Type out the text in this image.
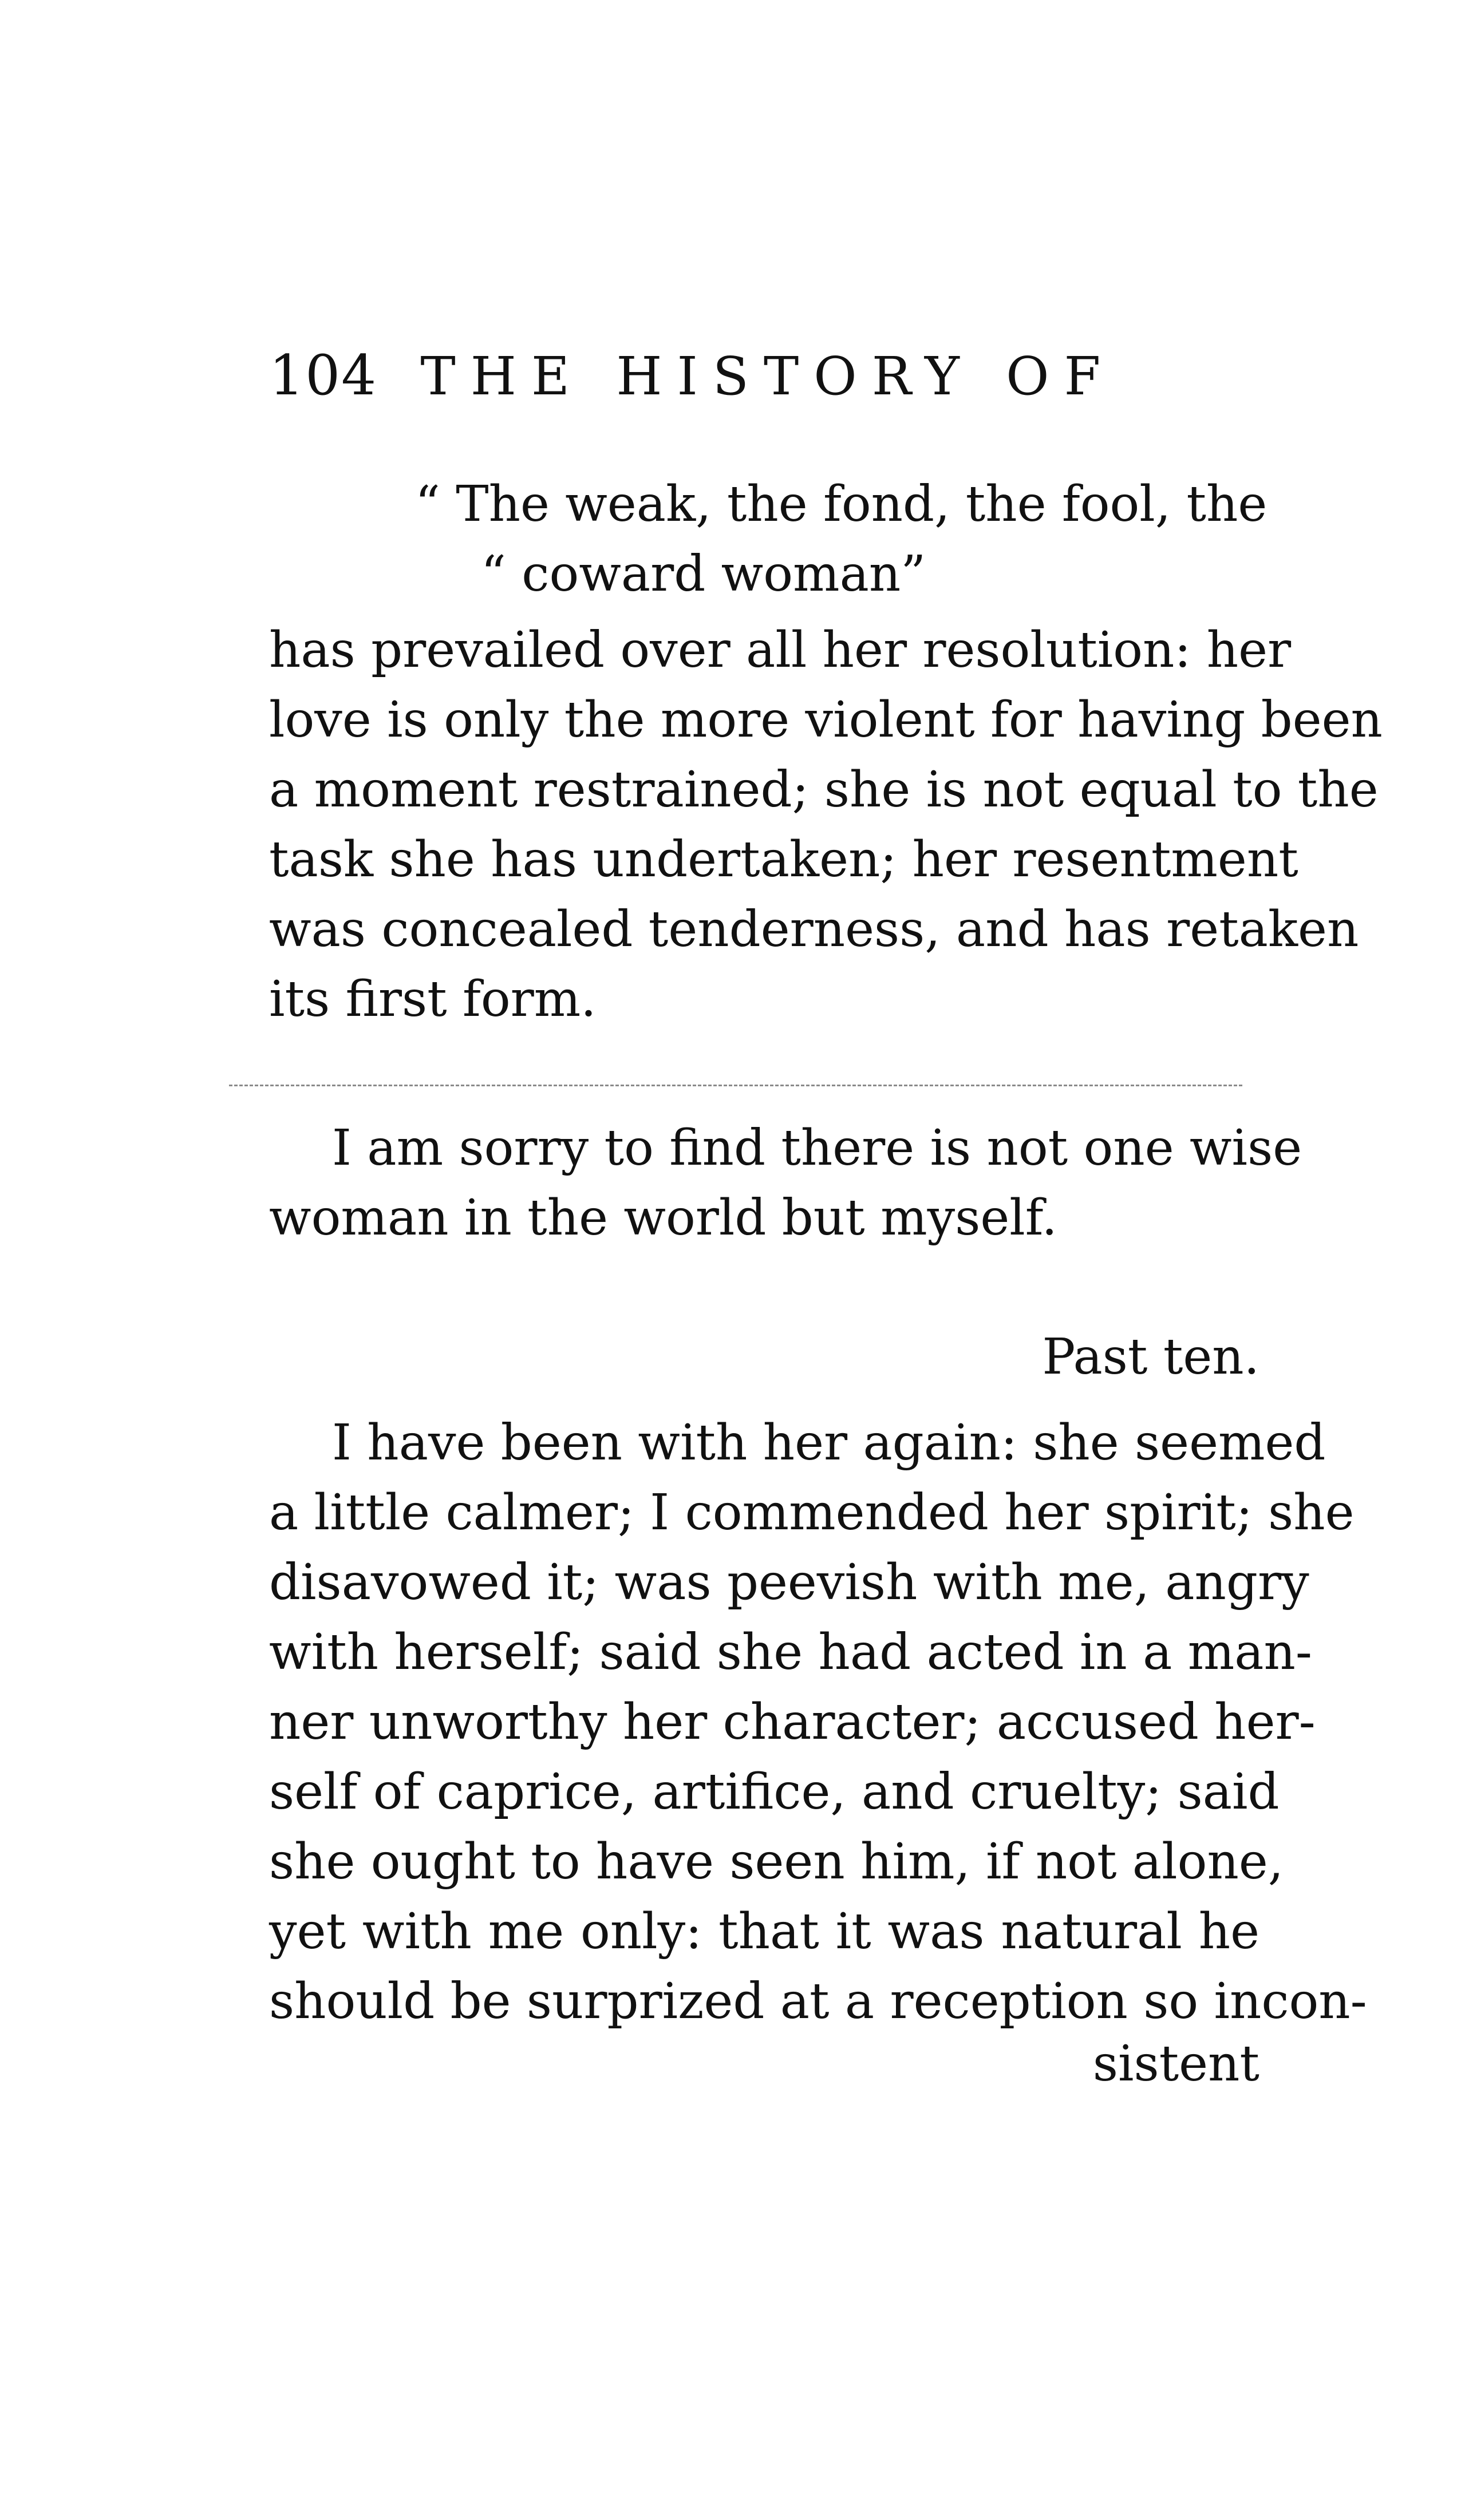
104 THE HISTORY OF
“ The weak, the fond, the fool, the
“ coward woman”
has prevailed over all her resolution: her
love is only the more violent for having been
a moment restrained; she is not equal to the
task she has undertaken; her resentment
was concealed tenderness, and has retaken
its first form.
I am sorry to find there is not one wise
woman in the world but myself.
Past ten.
I have been with her again: she seemed
a little calmer; I commended her spirit; she
disavowed it; was peevish with me, angry
with herself; said she had acted in a man-
ner unworthy her character; accused her-
self of caprice, artifice, and cruelty; said
she ought to have seen him, if not alone,
yet with me only: that it was natural he
should be surprized at a reception so incon-
sistent
